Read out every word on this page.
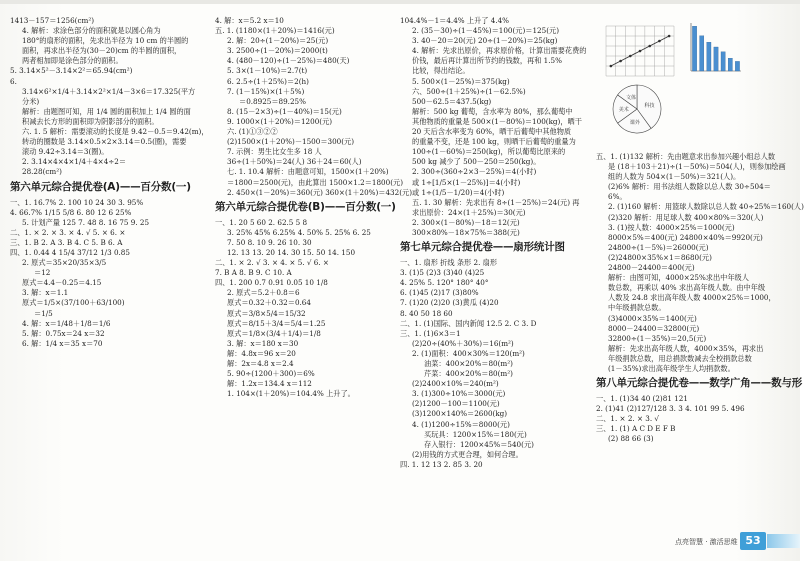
1413－157＝1256(cm²)
4. 解析：求涂色部分的面积就是以圆心角为
180°的扇形的面积，先求出半径为 10 cm 的半圆的
面积，再求出半径为(30－20)cm 的半圆的面积，
两者相加即是涂色部分的面积。
5. 3.14×5²－3.14×2²＝65.94(cm²)
6.
3.14×6²×1/4＋3.14×2²×1/4－3×6＝17.325(平方
分米)
解析：由题图可知，用 1/4 圆的面积加上 1/4 圆的面
积减去长方形的面积即为阴影部分的面积。
六. 1. 5 解析：需要滚动的长度是 9.42－0.5＝9.42(m)，
转动的圈数是 3.14×0.5×2×3.14＝0.5(圈)，需要
滚动 9.42÷3.14＝3(圈)。
2. 3.14×4×4×1/4＋4×4÷2＝
28.28(cm²)
第六单元综合提优卷(A)——百分数(一)
一、1. 16.7% 2. 100 10 24 30 3. 95%
4. 66.7% 1/15 5/8 6. 80 12 6 25%
5. 计划产量 125 7. 48 8. 16 75 9. 25
二、1. × 2. × 3. × 4. √ 5. × 6. ×
三、1. B 2. A 3. B 4. C 5. B 6. A
四、1. 0.44 4 15/4 37/12 1/3 0.85
2. 原式＝35×20/35×3/5
＝12
原式＝4.4－0.25＝4.15
3. 解：x＝1.1
原式＝1/5×(37/100＋63/100)
＝1/5
4. 解：x＝1/48＋1/8＝1/6
5. 解：0.75x＝24 x＝32
6. 解：1/4 x＝35 x＝70
4. 解：x＝5.2 x＝10
五. 1. (1180×(1＋20%)＝1416(元)
2. 解：20÷(1－20%)＝25(元)
3. 2500÷(1－20%)＝2000(t)
4. (480－120)÷(1－25%)＝480(天)
5. 3×(1－10%)＝2.7(t)
6. 2.5÷(1＋25%)＝2(h)
7. (1－15%)×(1＋5%)
＝0.8925＝89.25%
8. (15－2×3)÷(1－40%)＝15(元)
9. 1000×(1＋20%)＝1200(元)
六. (1)①③②②
(2)1500×(1＋20%)－1500＝300(元)
7. 示例：男生比女生多 18 人
36÷(1＋50%)＝24(人) 36＋24＝60(人)
七. 1. 10.4 解析：由题意可知，1500×(1＋20%)
＝1800＝2500(元)，由此算出 1500×1.2＝1800(元)
2. 450×(1－20%)＝360(元) 360×(1＋20%)＝432(元)
第六单元综合提优卷(B)——百分数(一)
一、1. 20 5 60 2. 62.5 5 8
3. 25% 45% 6.25% 4. 50% 5. 25% 6. 25
7. 50 8. 10 9. 26 10. 30
12. 13 13. 20 14. 30 15. 50 14. 150
二、1. × 2. √ 3. × 4. × 5. √ 6. ×
7. B A 8. B 9. C 10. A
四、1. 200 0.7 0.91 0.05 10 1/8
2. 原式＝5.2＋0.8＝6
原式＝0.32＋0.32＝0.64
原式＝3/8×5/4＝15/32
原式＝8/15＋3/4＝5/4＝1.25
原式＝1/8×(3/4＋1/4)＝1/8
3. 解：x＝180 x＝30
解：4.8x＝96 x＝20
解：2x＝4.8 x＝2.4
5. 90÷(1200＋300)＝6%
解：1.2x＝134.4 x＝112
1. 104×(1＋20%)＝104.4% 上升了。
104.4%－1＝4.4% 上升了 4.4%
2. (35－30)÷(1－45%)＝100(元)＝125(元)
3. 40－20＝20(元) 20÷(1－20%)＝25(kg)
4. 解析：先求出原价，再求原价格，计算出需要花费的
价钱，最后再计算出所节约的钱数，再和 1.5%
比较，得出结论。
5. 500×(1－25%)＝375(kg)
六、500÷(1＋25%)÷(1－62.5%)
500－62.5＝437.5(kg)
解析：500 kg 葡萄，含水率为 80%，那么葡萄中
其他物质的重量是 500×(1－80%)＝100(kg)，晒干
20 天后含水率变为 60%，晒干后葡萄中其他物质
的重量不变，还是 100 kg，则晒干后葡萄的重量为
100÷(1－60%)＝250(kg)，所以葡萄比原来的
500 kg 减少了 500－250＝250(kg)。
2. 300÷(360÷2×3－25%)＝4(小时)
或 1÷[1/5×(1－25%)]＝4(小时)
或 1÷(1/5－1/20)＝4(小时)
五. 1. 30 解析：先求出有 8÷(1－25%)＝24(元) 再
求出原价：24×(1＋25%)＝30(元)
2. 300×(1－80%)－18＝12(元)
300×80%－18×75%＝388(元)
第七单元综合提优卷——扇形统计图
一、1. 扇形 折线 条形 2. 扇形
3. (1)5 (2)3 (3)40 (4)25
4. 25% 5. 120° 180° 40°
6. (1)45 (2)17 (3)80%
7. (1)20 (2)20 (3)黄瓜 (4)20
8. 40 50 18 60
二、1. (1)国际、国内新闻 12.5 2. C 3. D
三、1. (1)6×3＝1
(2)20÷(40%＋30%)＝16(m²)
2. (1)面积：400×30%＝120(m²)
油菜：400×20%＝80(m²)
芹菜：400×20%＝80(m²)
(2)2400×10%＝240(m²)
3. (1)300÷10%＝3000(元)
(2)1200－100＝1100(元)
(3)1200×140%＝2600(kg)
4. (1)1200÷15%＝8000(元)
买玩具：1200×15%＝180(元)
存入银行：1200×45%＝540(元)
(2)用钱的方式更合理，如何合理。
四. 1. 12 13 2. 85 3. 20
五、1. (1)132 解析：先由题意求出参加兴趣小组总人数
是 (18＋103＋21)÷(1－50%)＝504(人)，则参加绘画
组的人数为 504×(1－50%)＝321(人)。
(2)6% 解析：用书法组人数除以总人数 30÷504＝
6%。
2. (1)160 解析：用篮球人数除以总人数 40÷25%＝160(人)
(2)320 解析：用足球人数 400×80%＝320(人)
3. (1)按人数：4000×25%＝1000(元)
8000×5%＝400(元) 24800×40%＝9920(元)
24800÷(1－5%)＝26000(元)
(2)24800×35%×1＝8680(元)
24800－24400＝400(元)
解析：由图可知，4000×25%求出中年级人
数总数，再乘以 40% 求出高年级人数。由中年级
人数及 24.8 求出高年级人数 4000×25%＝1000，
中年级捐款总数。
(3)4000×35%＝1400(元)
8000－24400＝32800(元)
32800÷(1－35%)＝20,5(元)
解析：先求出高年级人数，4000×35%，再求出
年级捐款总数，用总捐款数减去全校捐款总数
(1－35%)求出高年级学生人均捐款数。
第八单元综合提优卷——数学广角——数与形
一、1. (1)34 40 (2)81 121
2. (1)41 (2)127/128 3. 3 4. 101 99 5. 496
二、1. × 2. × 3. √
三、1. (1) A C D E F B
(2) 88 66 (3)
科技
课外
美术
文体
点亮智慧 · 激活思维 53
